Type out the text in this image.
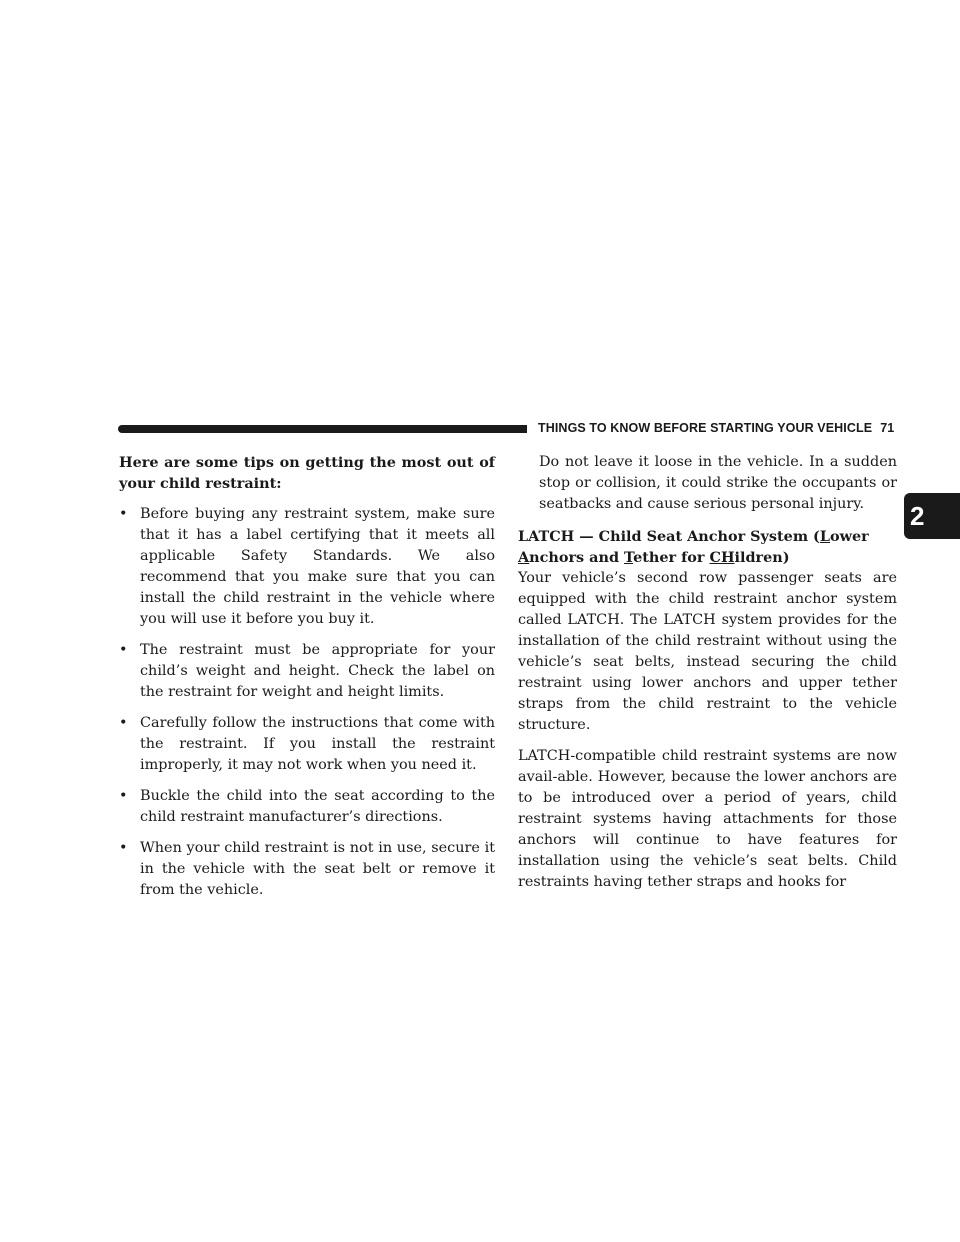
THINGS TO KNOW BEFORE STARTING YOUR VEHICLE 71
2

Here are some tips on getting the most out of your child restraint:

• Before buying any restraint system, make sure that it has a label certifying that it meets all applicable Safety Standards. We also recommend that you make sure that you can install the child restraint in the vehicle where you will use it before you buy it.
• The restraint must be appropriate for your child’s weight and height. Check the label on the restraint for weight and height limits.
• Carefully follow the instructions that come with the restraint. If you install the restraint improperly, it may not work when you need it.
• Buckle the child into the seat according to the child restraint manufacturer’s directions.
• When your child restraint is not in use, secure it in the vehicle with the seat belt or remove it from the vehicle.

Do not leave it loose in the vehicle. In a sudden stop or collision, it could strike the occupants or seatbacks and cause serious personal injury.

LATCH — Child Seat Anchor System (Lower
Anchors and Tether for CHildren)

Your vehicle’s second row passenger seats are equipped with the child restraint anchor system called LATCH. The LATCH system provides for the installation of the child restraint without using the vehicle’s seat belts, instead securing the child restraint using lower anchors and upper tether straps from the child restraint to the vehicle structure.

LATCH-compatible child restraint systems are now avail-able. However, because the lower anchors are to be introduced over a period of years, child restraint systems having attachments for those anchors will continue to have features for installation using the vehicle’s seat belts. Child restraints having tether straps and hooks for
